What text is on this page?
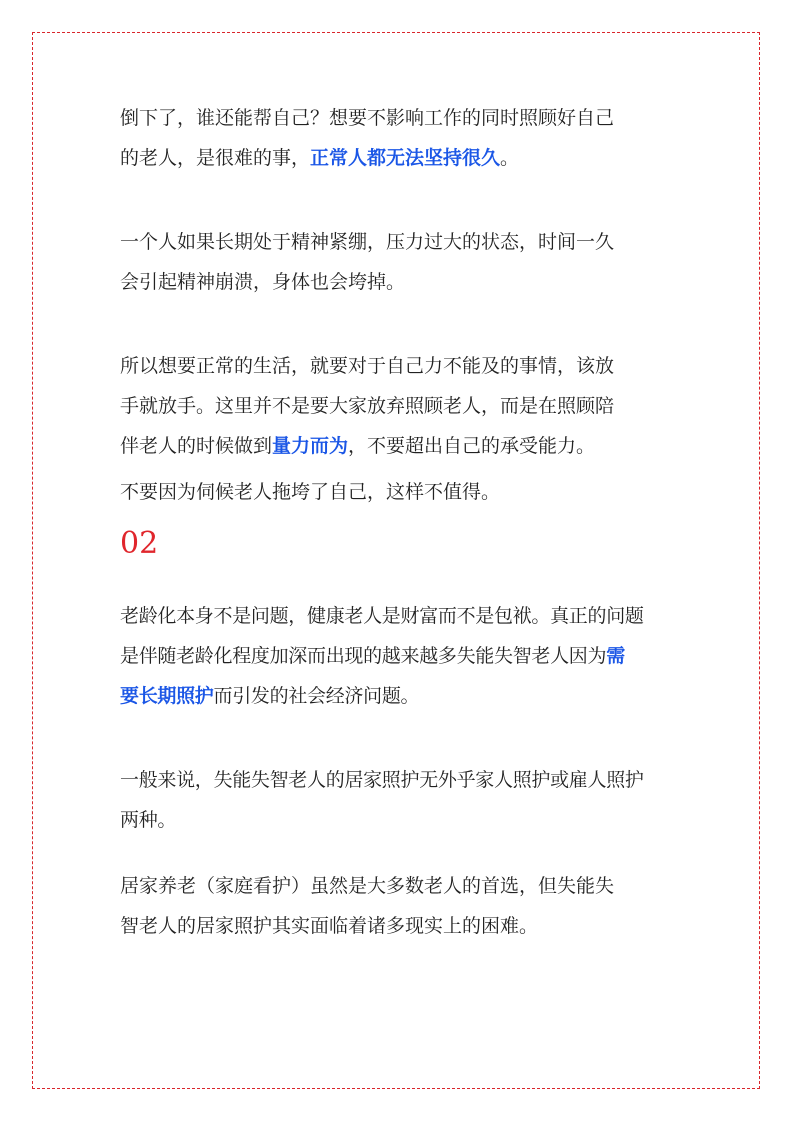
倒下了，谁还能帮自己？想要不影响工作的同时照顾好自己
的老人，是很难的事，正常人都无法坚持很久。
一个人如果长期处于精神紧绷，压力过大的状态，时间一久
会引起精神崩溃，身体也会垮掉。
所以想要正常的生活，就要对于自己力不能及的事情，该放
手就放手。这里并不是要大家放弃照顾老人，而是在照顾陪
伴老人的时候做到量力而为，不要超出自己的承受能力。
不要因为伺候老人拖垮了自己，这样不值得。
02
老龄化本身不是问题，健康老人是财富而不是包袱。真正的问题
是伴随老龄化程度加深而出现的越来越多失能失智老人因为需
要长期照护而引发的社会经济问题。
一般来说，失能失智老人的居家照护无外乎家人照护或雇人照护
两种。
居家养老（家庭看护）虽然是大多数老人的首选，但失能失
智老人的居家照护其实面临着诸多现实上的困难。
